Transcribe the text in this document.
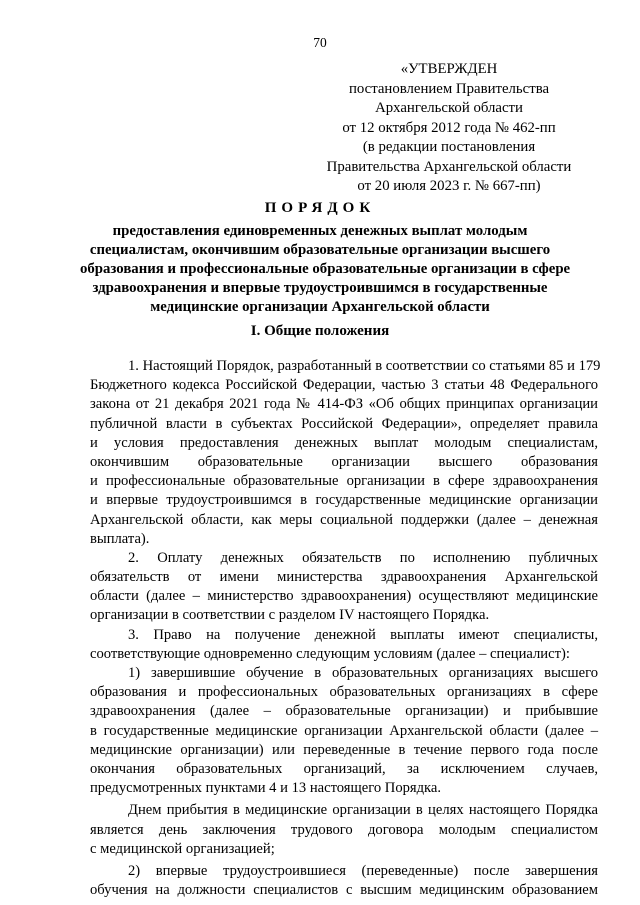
70
«УТВЕРЖДЕН
постановлением Правительства
Архангельской области
от 12 октября 2012 года № 462-пп
(в редакции постановления
Правительства Архангельской области
от 20 июля 2023 г. № 667-пп)
ПОРЯДОК
предоставления единовременных денежных выплат молодым
специалистам, окончившим образовательные организации высшего
образования и профессиональные образовательные организации в сфере
здравоохранения и впервые трудоустроившимся в государственные
медицинские организации Архангельской области
I. Общие положения
1. Настоящий Порядок, разработанный в соответствии со статьями 85 и 179
Бюджетного кодекса Российской Федерации, частью 3 статьи 48 Федерального
закона от 21 декабря 2021 года № 414-ФЗ «Об общих принципах организации
публичной власти в субъектах Российской Федерации», определяет правила
и условия предоставления денежных выплат молодым специалистам,
окончившим образовательные организации высшего образования
и профессиональные образовательные организации в сфере здравоохранения
и впервые трудоустроившимся в государственные медицинские организации
Архангельской области, как меры социальной поддержки (далее – денежная
выплата).
2. Оплату денежных обязательств по исполнению публичных
обязательств от имени министерства здравоохранения Архангельской
области (далее – министерство здравоохранения) осуществляют медицинские
организации в соответствии с разделом IV настоящего Порядка.
3. Право на получение денежной выплаты имеют специалисты,
соответствующие одновременно следующим условиям (далее – специалист):
1) завершившие обучение в образовательных организациях высшего
образования и профессиональных образовательных организациях в сфере
здравоохранения (далее – образовательные организации) и прибывшие
в государственные медицинские организации Архангельской области (далее –
медицинские организации) или переведенные в течение первого года после
окончания образовательных организаций, за исключением случаев,
предусмотренных пунктами 4 и 13 настоящего Порядка.
Днем прибытия в медицинские организации в целях настоящего Порядка
является день заключения трудового договора молодым специалистом
с медицинской организацией;
2) впервые трудоустроившиеся (переведенные) после завершения
обучения на должности специалистов с высшим медицинским образованием
